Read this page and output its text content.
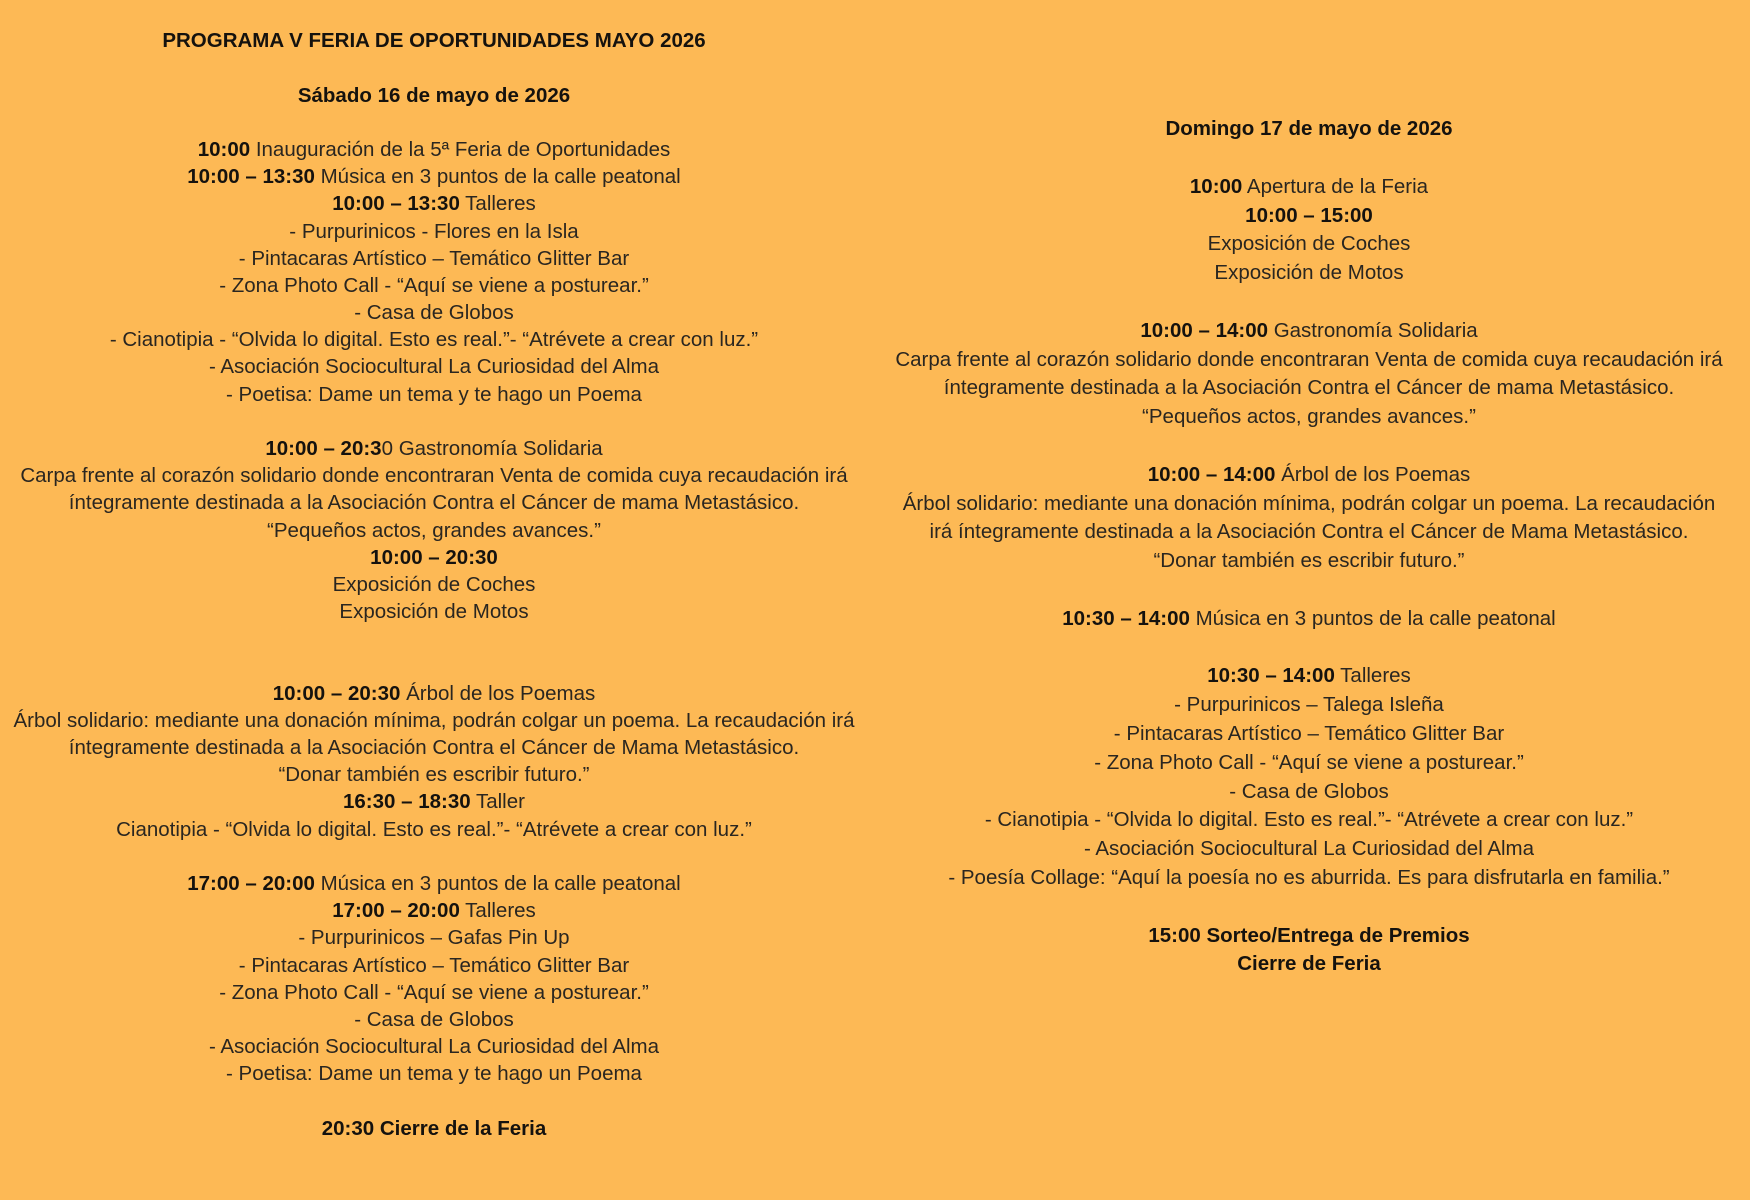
PROGRAMA V FERIA DE OPORTUNIDADES MAYO 2026
Sábado 16 de mayo de 2026
10:00 Inauguración de la 5ª Feria de Oportunidades
10:00 – 13:30 Música en 3 puntos de la calle peatonal
10:00 – 13:30 Talleres
- Purpurinicos - Flores en la Isla
- Pintacaras Artístico – Temático Glitter Bar
- Zona Photo Call - “Aquí se viene a posturear.”
- Casa de Globos
- Cianotipia - “Olvida lo digital. Esto es real.”- “Atrévete a crear con luz.”
- Asociación Sociocultural La Curiosidad del Alma
- Poetisa: Dame un tema y te hago un Poema
10:00 – 20:30 Gastronomía Solidaria
Carpa frente al corazón solidario donde encontraran Venta de comida cuya recaudación irá
íntegramente destinada a la Asociación Contra el Cáncer de mama Metastásico.
“Pequeños actos, grandes avances.”
10:00 – 20:30
Exposición de Coches
Exposición de Motos
10:00 – 20:30 Árbol de los Poemas
Árbol solidario: mediante una donación mínima, podrán colgar un poema. La recaudación irá
íntegramente destinada a la Asociación Contra el Cáncer de Mama Metastásico.
“Donar también es escribir futuro.”
16:30 – 18:30 Taller
Cianotipia - “Olvida lo digital. Esto es real.”- “Atrévete a crear con luz.”
17:00 – 20:00 Música en 3 puntos de la calle peatonal
17:00 – 20:00 Talleres
- Purpurinicos – Gafas Pin Up
- Pintacaras Artístico – Temático Glitter Bar
- Zona Photo Call - “Aquí se viene a posturear.”
- Casa de Globos
- Asociación Sociocultural La Curiosidad del Alma
- Poetisa: Dame un tema y te hago un Poema
20:30 Cierre de la Feria
Domingo 17 de mayo de 2026
10:00 Apertura de la Feria
10:00 – 15:00
Exposición de Coches
Exposición de Motos
10:00 – 14:00 Gastronomía Solidaria
Carpa frente al corazón solidario donde encontraran Venta de comida cuya recaudación irá
íntegramente destinada a la Asociación Contra el Cáncer de mama Metastásico.
“Pequeños actos, grandes avances.”
10:00 – 14:00 Árbol de los Poemas
Árbol solidario: mediante una donación mínima, podrán colgar un poema. La recaudación
irá íntegramente destinada a la Asociación Contra el Cáncer de Mama Metastásico.
“Donar también es escribir futuro.”
10:30 – 14:00 Música en 3 puntos de la calle peatonal
10:30 – 14:00 Talleres
- Purpurinicos – Talega Isleña
- Pintacaras Artístico – Temático Glitter Bar
- Zona Photo Call - “Aquí se viene a posturear.”
- Casa de Globos
- Cianotipia - “Olvida lo digital. Esto es real.”- “Atrévete a crear con luz.”
- Asociación Sociocultural La Curiosidad del Alma
- Poesía Collage: “Aquí la poesía no es aburrida. Es para disfrutarla en familia.”
15:00 Sorteo/Entrega de Premios
Cierre de Feria
